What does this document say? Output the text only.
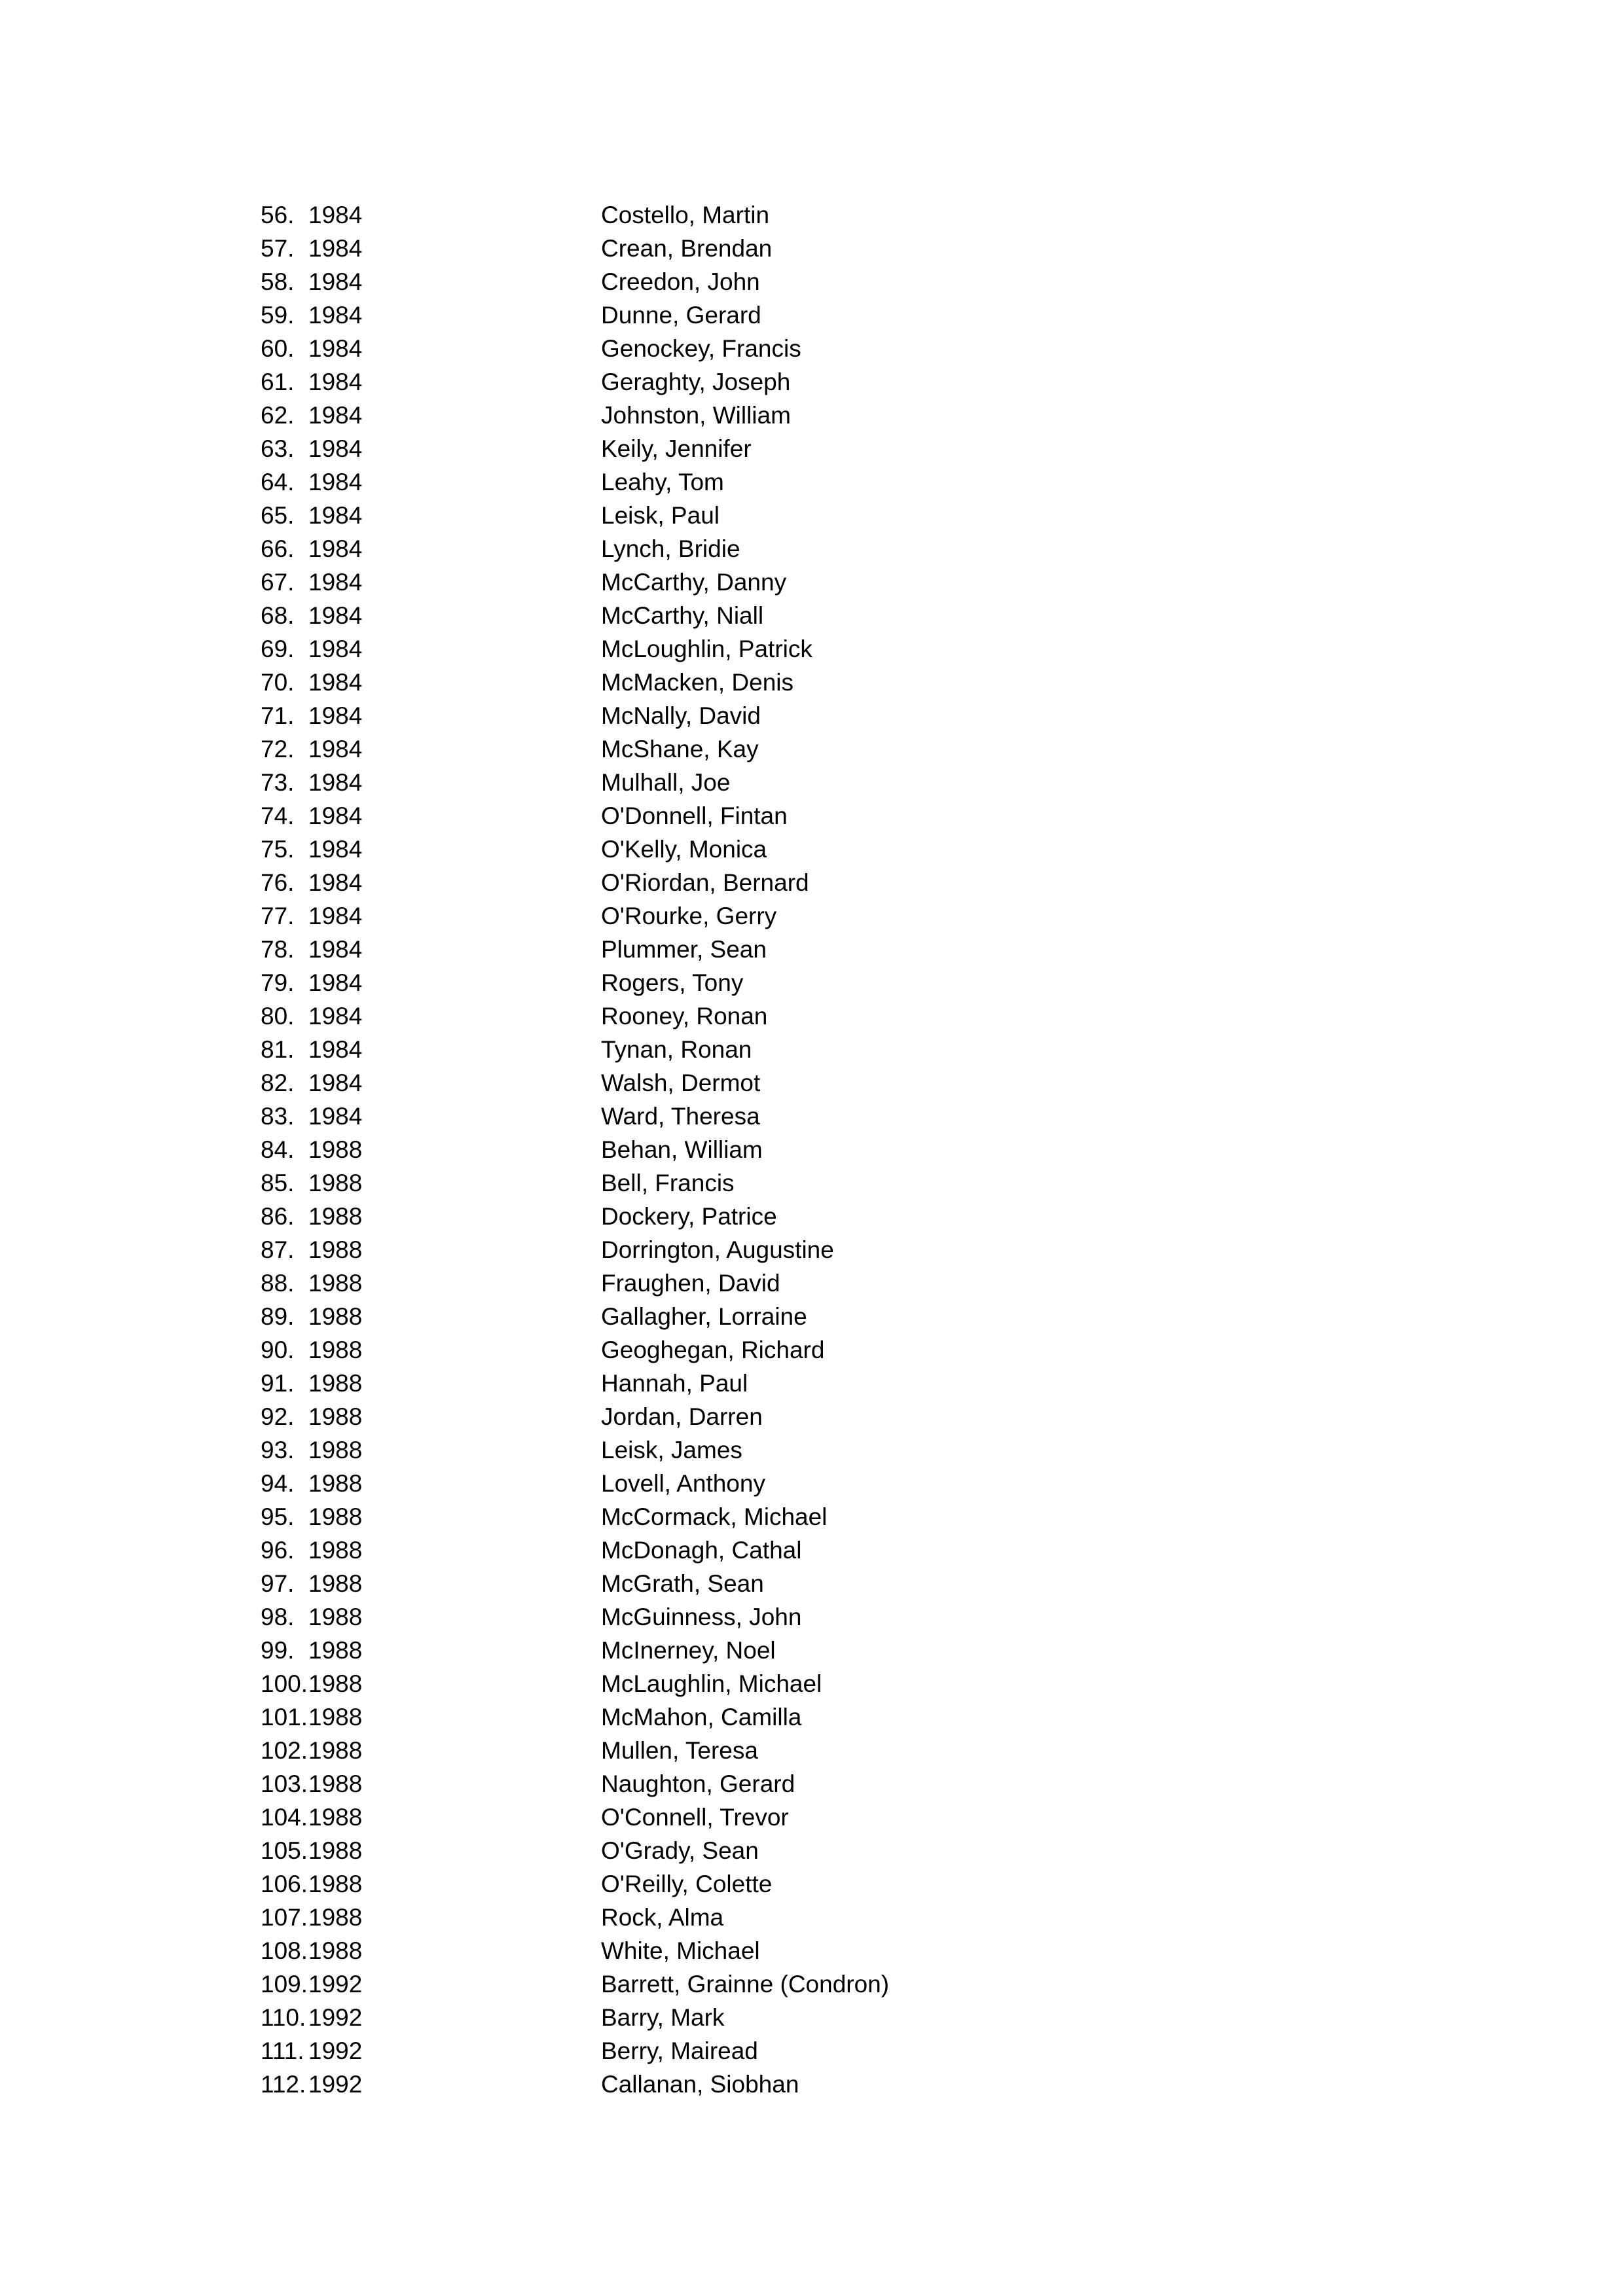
56. 1984	Costello, Martin
57. 1984	Crean, Brendan
58. 1984	Creedon, John
59. 1984	Dunne, Gerard
60. 1984	Genockey, Francis
61. 1984	Geraghty, Joseph
62. 1984	Johnston, William
63. 1984	Keily, Jennifer
64. 1984	Leahy, Tom
65. 1984	Leisk, Paul
66. 1984	Lynch, Bridie
67. 1984	McCarthy, Danny
68. 1984	McCarthy, Niall
69. 1984	McLoughlin, Patrick
70. 1984	McMacken, Denis
71. 1984	McNally, David
72. 1984	McShane, Kay
73. 1984	Mulhall, Joe
74. 1984	O'Donnell, Fintan
75. 1984	O'Kelly, Monica
76. 1984	O'Riordan, Bernard
77. 1984	O'Rourke, Gerry
78. 1984	Plummer, Sean
79. 1984	Rogers, Tony
80. 1984	Rooney, Ronan
81. 1984	Tynan, Ronan
82. 1984	Walsh, Dermot
83. 1984	Ward, Theresa
84. 1988	Behan, William
85. 1988	Bell, Francis
86. 1988	Dockery, Patrice
87. 1988	Dorrington, Augustine
88. 1988	Fraughen, David
89. 1988	Gallagher, Lorraine
90. 1988	Geoghegan, Richard
91. 1988	Hannah, Paul
92. 1988	Jordan, Darren
93. 1988	Leisk, James
94. 1988	Lovell, Anthony
95. 1988	McCormack, Michael
96. 1988	McDonagh, Cathal
97. 1988	McGrath, Sean
98. 1988	McGuinness, John
99. 1988	McInerney, Noel
100. 1988	McLaughlin, Michael
101. 1988	McMahon, Camilla
102. 1988	Mullen, Teresa
103. 1988	Naughton, Gerard
104. 1988	O'Connell, Trevor
105. 1988	O'Grady, Sean
106. 1988	O'Reilly, Colette
107. 1988	Rock, Alma
108. 1988	White, Michael
109. 1992	Barrett, Grainne (Condron)
110. 1992	Barry, Mark
111. 1992	Berry, Mairead
112. 1992	Callanan, Siobhan
